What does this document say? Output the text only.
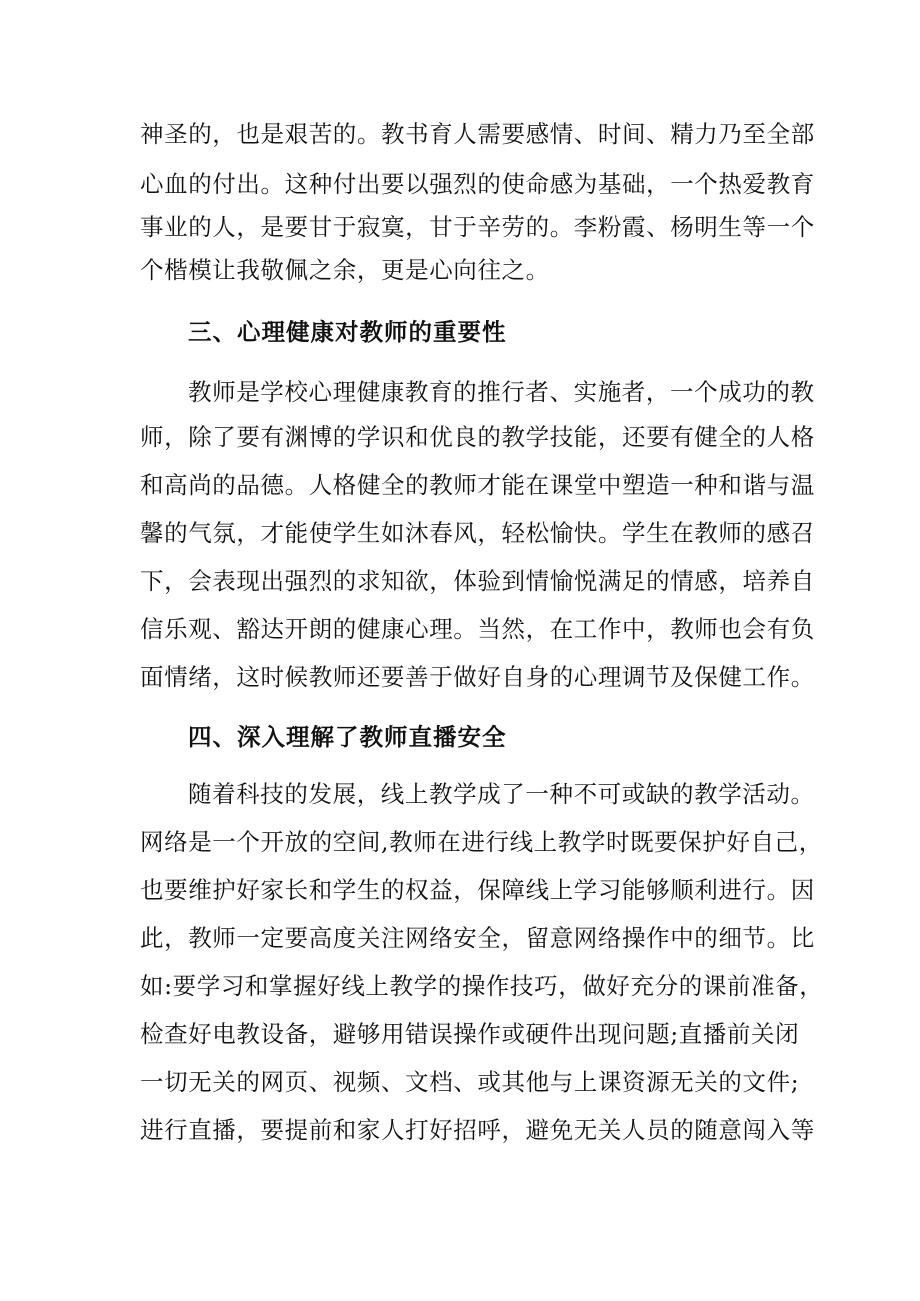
神圣的，也是艰苦的。教书育人需要感情、时间、精力乃至全部
心血的付出。这种付出要以强烈的使命感为基础，一个热爱教育
事业的人，是要甘于寂寞，甘于辛劳的。李粉霞、杨明生等一个
个楷模让我敬佩之余，更是心向往之。
三、心理健康对教师的重要性
教师是学校心理健康教育的推行者、实施者，一个成功的教
师，除了要有渊博的学识和优良的教学技能，还要有健全的人格
和高尚的品德。人格健全的教师才能在课堂中塑造一种和谐与温
馨的气氛，才能使学生如沐春风，轻松愉快。学生在教师的感召
下，会表现出强烈的求知欲，体验到情愉悦满足的情感，培养自
信乐观、豁达开朗的健康心理。当然，在工作中，教师也会有负
面情绪，这时候教师还要善于做好自身的心理调节及保健工作。
四、深入理解了教师直播安全
随着科技的发展，线上教学成了一种不可或缺的教学活动。
网络是一个开放的空间,教师在进行线上教学时既要保护好自己，
也要维护好家长和学生的权益，保障线上学习能够顺利进行。因
此，教师一定要高度关注网络安全，留意网络操作中的细节。比
如:要学习和掌握好线上教学的操作技巧，做好充分的课前准备，
检查好电教设备，避够用错误操作或硬件出现问题;直播前关闭
一切无关的网页、视频、文档、或其他与上课资源无关的文件;
进行直播，要提前和家人打好招呼，避免无关人员的随意闯入等
